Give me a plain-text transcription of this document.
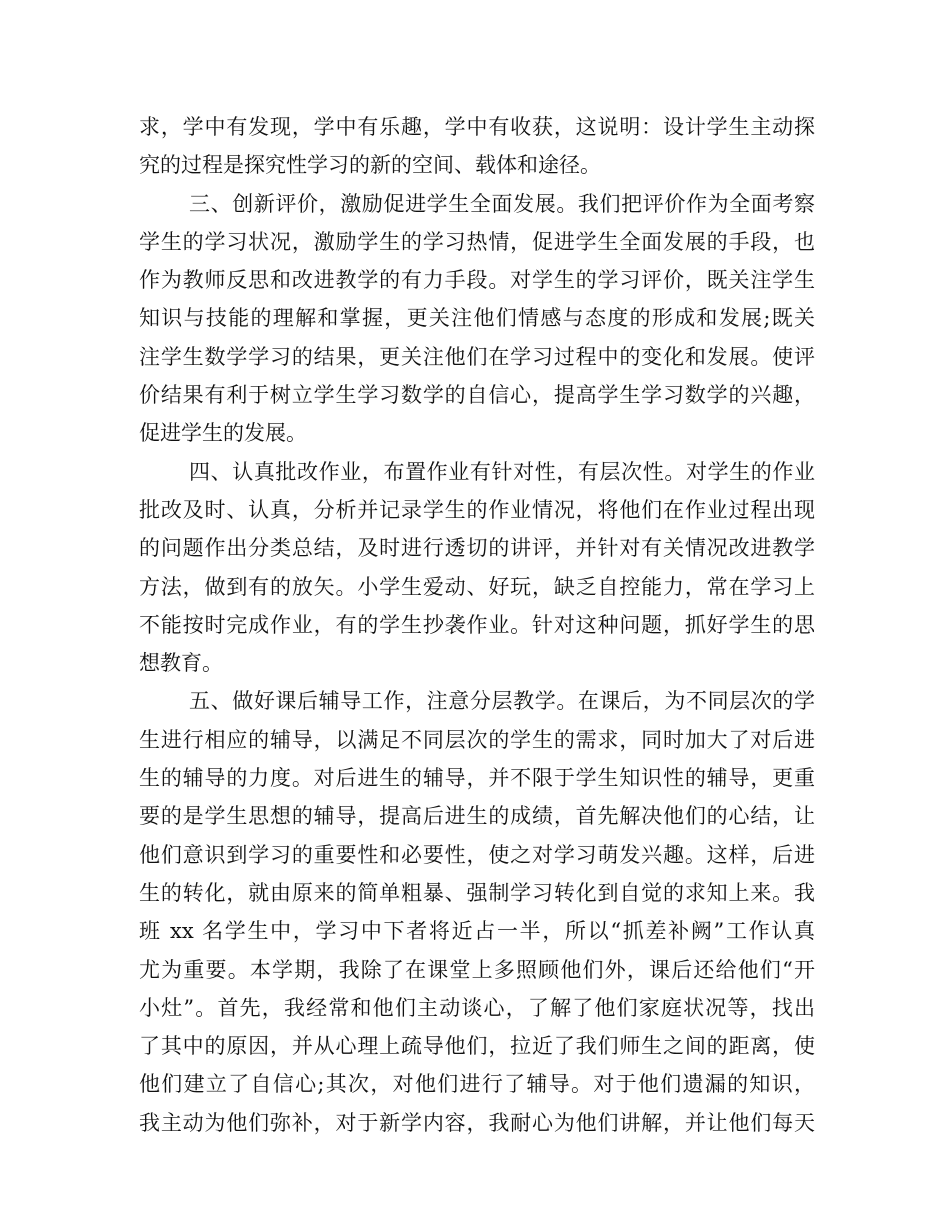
求，学中有发现，学中有乐趣，学中有收获，这说明：设计学生主动探
究的过程是探究性学习的新的空间、载体和途径。
三、创新评价，激励促进学生全面发展。我们把评价作为全面考察
学生的学习状况，激励学生的学习热情，促进学生全面发展的手段，也
作为教师反思和改进教学的有力手段。对学生的学习评价，既关注学生
知识与技能的理解和掌握，更关注他们情感与态度的形成和发展;既关
注学生数学学习的结果，更关注他们在学习过程中的变化和发展。使评
价结果有利于树立学生学习数学的自信心，提高学生学习数学的兴趣，
促进学生的发展。
四、认真批改作业，布置作业有针对性，有层次性。对学生的作业
批改及时、认真，分析并记录学生的作业情况，将他们在作业过程出现
的问题作出分类总结，及时进行透切的讲评，并针对有关情况改进教学
方法，做到有的放矢。小学生爱动、好玩，缺乏自控能力，常在学习上
不能按时完成作业，有的学生抄袭作业。针对这种问题，抓好学生的思
想教育。
五、做好课后辅导工作，注意分层教学。在课后，为不同层次的学
生进行相应的辅导，以满足不同层次的学生的需求，同时加大了对后进
生的辅导的力度。对后进生的辅导，并不限于学生知识性的辅导，更重
要的是学生思想的辅导，提高后进生的成绩，首先解决他们的心结，让
他们意识到学习的重要性和必要性，使之对学习萌发兴趣。这样，后进
生的转化，就由原来的简单粗暴、强制学习转化到自觉的求知上来。我
班 xx 名学生中，学习中下者将近占一半，所以“抓差补阙”工作认真
尤为重要。本学期，我除了在课堂上多照顾他们外，课后还给他们“开
小灶”。首先，我经常和他们主动谈心，了解了他们家庭状况等，找出
了其中的原因，并从心理上疏导他们，拉近了我们师生之间的距离，使
他们建立了自信心;其次，对他们进行了辅导。对于他们遗漏的知识，
我主动为他们弥补，对于新学内容，我耐心为他们讲解，并让他们每天
